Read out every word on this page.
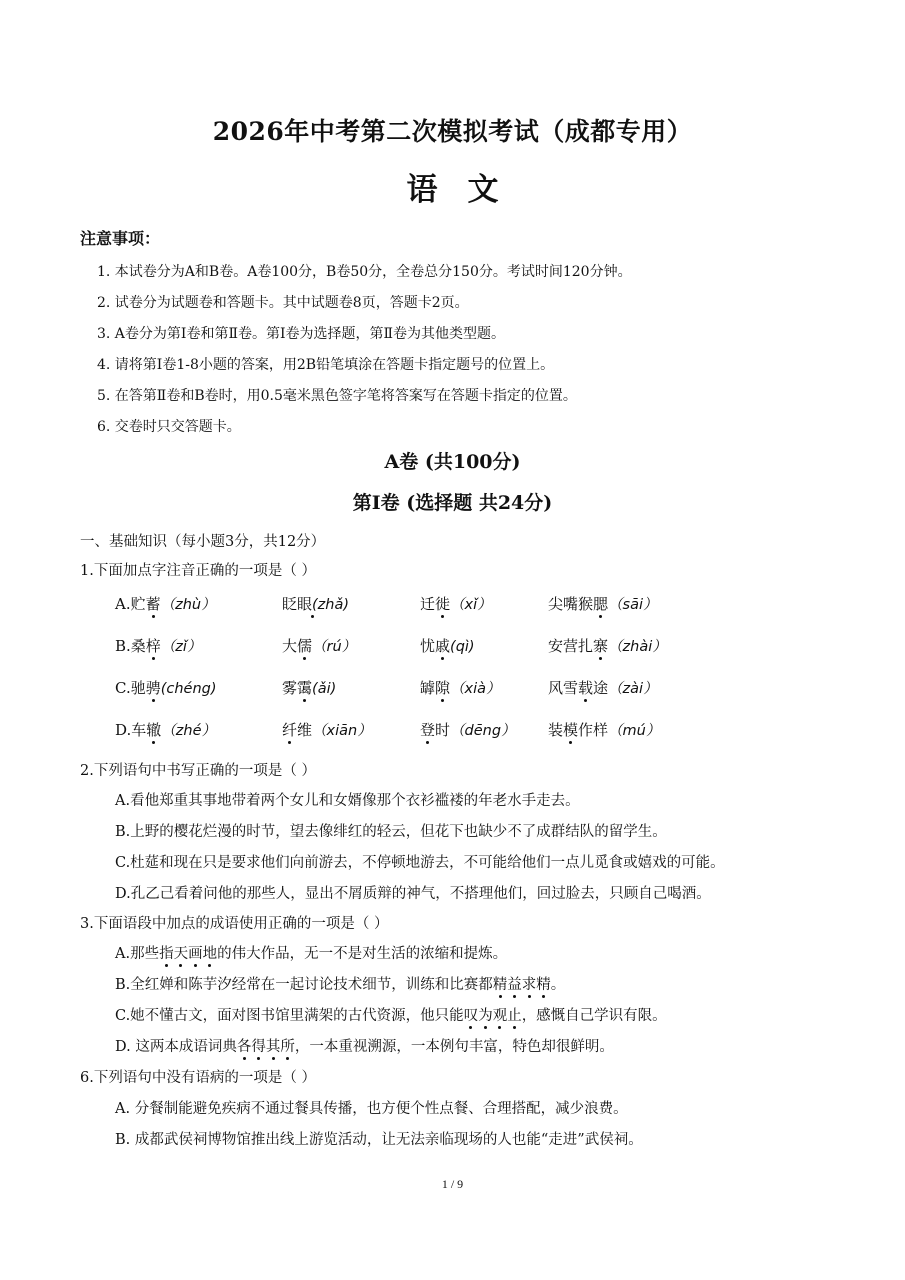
2026年中考第二次模拟考试（成都专用）
语文
注意事项：
1. 本试卷分为A和B卷。A卷100分，B卷50分，全卷总分150分。考试时间120分钟。
2. 试卷分为试题卷和答题卡。其中试题卷8页，答题卡2页。
3. A卷分为第Ⅰ卷和第Ⅱ卷。第Ⅰ卷为选择题，第Ⅱ卷为其他类型题。
4. 请将第Ⅰ卷1-8小题的答案，用2B铅笔填涂在答题卡指定题号的位置上。
5. 在答第Ⅱ卷和B卷时，用0.5毫米黑色签字笔将答案写在答题卡指定的位置。
6. 交卷时只交答题卡。
A卷 (共100分)
第Ⅰ卷 (选择题 共24分)
一、基础知识（每小题3分，共12分）
1.下面加点字注音正确的一项是（ ）
A.贮蓄（zhù）	眨眼(zhǎ)	迁徙（xǐ）	尖嘴猴腮（sāi）
B.桑梓（zǐ）	大儒（rú）	忧戚(qì)	安营扎寨（zhài）
C.驰骋(chéng)	雾霭(ǎi)	罅隙（xià）	风雪载途（zài）
D.车辙（zhé）	纤维（xiān）	登时（dēng） 装模作样（mú）
2.下列语句中书写正确的一项是（ ）
A.看他郑重其事地带着两个女儿和女婿像那个衣衫褴褛的年老水手走去。
B.上野的樱花烂漫的时节，望去像绯红的轻云，但花下也缺少不了成群结队的留学生。
C.杜莚和现在只是要求他们向前游去，不停顿地游去，不可能给他们一点儿觅食或嬉戏的可能。
D.孔乙己看着问他的那些人，显出不屑质辩的神气，不搭理他们，回过脸去，只顾自己喝酒。
3.下面语段中加点的成语使用正确的一项是（ ）
A.那些指天画地的伟大作品，无一不是对生活的浓缩和提炼。
B.全红婵和陈芋汐经常在一起讨论技术细节，训练和比赛都精益求精。
C.她不懂古文，面对图书馆里满架的古代资源，他只能叹为观止，感慨自己学识有限。
D. 这两本成语词典各得其所，一本重视溯源，一本例句丰富，特色却很鲜明。
6.下列语句中没有语病的一项是（ ）
A. 分餐制能避免疾病不通过餐具传播，也方便个性点餐、合理搭配，减少浪费。
B. 成都武侯祠博物馆推出线上游览活动，让无法亲临现场的人也能“走进”武侯祠。
1 / 9
